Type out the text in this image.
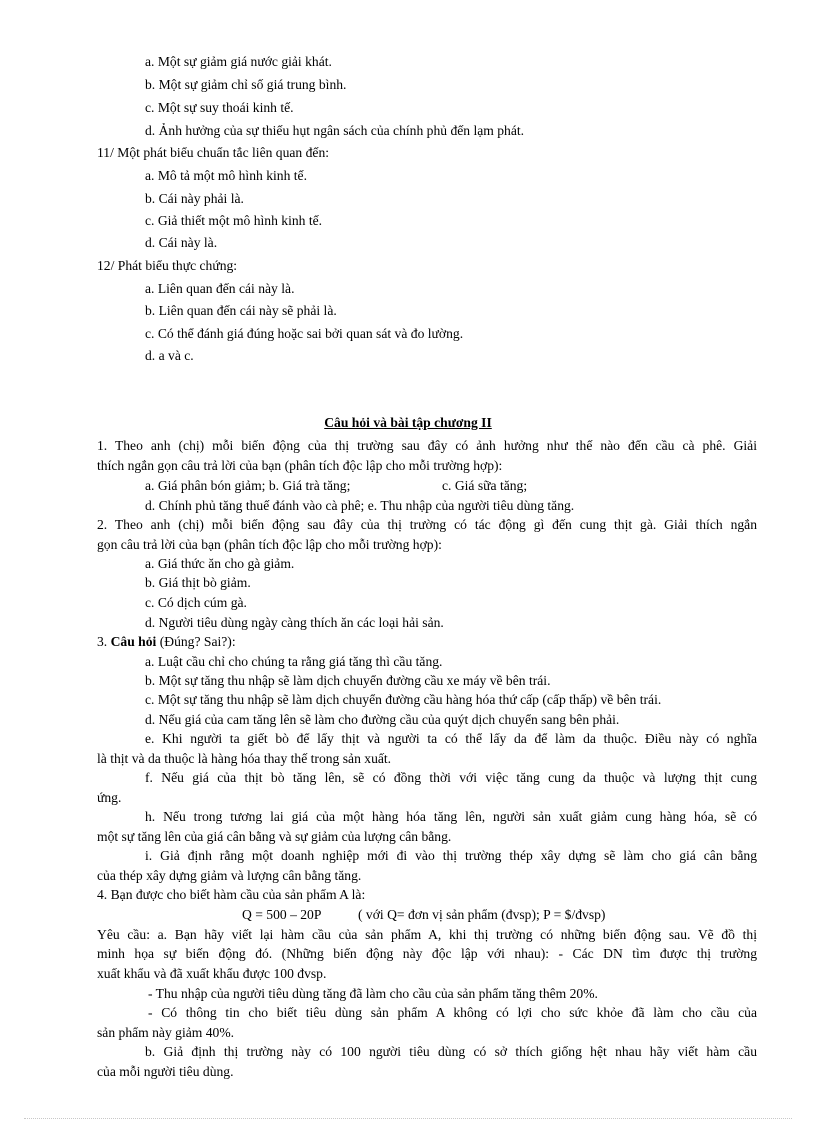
a. Một sự giảm giá nước giải khát.
b. Một sự giảm chỉ số giá trung bình.
c. Một sự suy thoái kinh tế.
d. Ảnh hưởng của sự thiếu hụt ngân sách của chính phủ đến lạm phát.
11/ Một phát biểu chuẩn tắc liên quan đến:
a. Mô tả một mô hình kinh tế.
b. Cái này phải là.
c. Giả thiết một mô hình kinh tế.
d. Cái này là.
12/ Phát biểu thực chứng:
a. Liên quan đến cái này là.
b. Liên quan đến cái này sẽ phải là.
c. Có thể đánh giá đúng hoặc sai bởi quan sát và đo lường.
d. a và c.
Câu hỏi và bài tập chương II
1. Theo anh (chị) mỗi biến động của thị trường sau đây có ảnh hưởng như thế nào đến cầu cà phê. Giải
thích ngắn gọn câu trả lời của bạn (phân tích độc lập cho mỗi trường hợp):
a. Giá phân bón giảm; b. Giá trà tăng;	c. Giá sữa tăng;
d. Chính phủ tăng thuế đánh vào cà phê; e. Thu nhập của người tiêu dùng tăng.
2. Theo anh (chị) mỗi biến động sau đây của thị trường có tác động gì đến cung thịt gà. Giải thích ngắn
gọn câu trả lời của bạn (phân tích độc lập cho mỗi trường hợp):
a. Giá thức ăn cho gà giảm.
b. Giá thịt bò giảm.
c. Có dịch cúm gà.
d. Người tiêu dùng ngày càng thích ăn các loại hải sản.
3. Câu hỏi (Đúng? Sai?):
a. Luật cầu chỉ cho chúng ta rằng giá tăng thì cầu tăng.
b. Một sự tăng thu nhập sẽ làm dịch chuyển đường cầu xe máy về bên trái.
c. Một sự tăng thu nhập sẽ làm dịch chuyển đường cầu hàng hóa thứ cấp (cấp thấp) về bên trái.
d. Nếu giá của cam tăng lên sẽ làm cho đường cầu của quýt dịch chuyển sang bên phải.
e. Khi người ta giết bò để lấy thịt và người ta có thể lấy da để làm da thuộc. Điều này có nghĩa
là thịt và da thuộc là hàng hóa thay thế trong sản xuất.
f. Nếu giá của thịt bò tăng lên, sẽ có đồng thời với việc tăng cung da thuộc và lượng thịt cung
ứng.
h. Nếu trong tương lai giá của một hàng hóa tăng lên, người sản xuất giảm cung hàng hóa, sẽ có
một sự tăng lên của giá cân bằng và sự giảm của lượng cân bằng.
i. Giả định rằng một doanh nghiệp mới đi vào thị trường thép xây dựng sẽ làm cho giá cân bằng
của thép xây dựng giảm và lượng cân bằng tăng.
4. Bạn được cho biết hàm cầu của sản phẩm A là:
Q = 500 – 20P	( với Q= đơn vị sản phẩm (đvsp); P = $/đvsp)
Yêu cầu: a. Bạn hãy viết lại hàm cầu của sản phẩm A, khi thị trường có những biến động sau. Vẽ đồ thị
minh họa sự biến động đó. (Những biến động này độc lập với nhau): - Các DN tìm được thị trường
xuất khẩu và đã xuất khẩu được 100 đvsp.
- Thu nhập của người tiêu dùng tăng đã làm cho cầu của sản phẩm tăng thêm 20%.
- Có thông tin cho biết tiêu dùng sản phẩm A không có lợi cho sức khỏe đã làm cho cầu của
sản phẩm này giảm 40%.
b. Giả định thị trường này có 100 người tiêu dùng có sở thích giống hệt nhau hãy viết hàm cầu
của mỗi người tiêu dùng.
